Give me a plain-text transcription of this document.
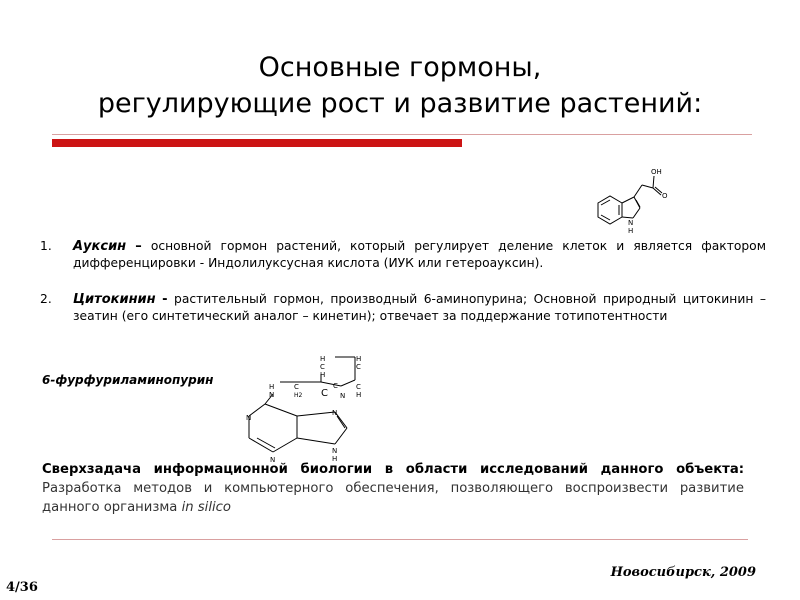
Основные гормоны,
регулирующие рост и развитие растений:
OH
O
N
H
1. Ауксин – основной гормон растений, который регулирует деление клеток и является фактором дифференцировки - Индолилуксусная кислота (ИУК или гетероауксин).
2. Цитокинин - растительный гормон, производный 6-аминопурина; Основной природный цитокинин – зеатин (его синтетический аналог – кинетин); отвечает за поддержание тотипотентности
6-фурфуриламинопурин
H
C
H
H
C
C
H
C
N
C
H
N
C
H2
N
N
N
N
H
Сверхзадача информационной биологии в области исследований данного объекта: Разработка методов и компьютерного обеспечения, позволяющего воспроизвести развитие данного организма in silico
Новосибирск, 2009
4/36
